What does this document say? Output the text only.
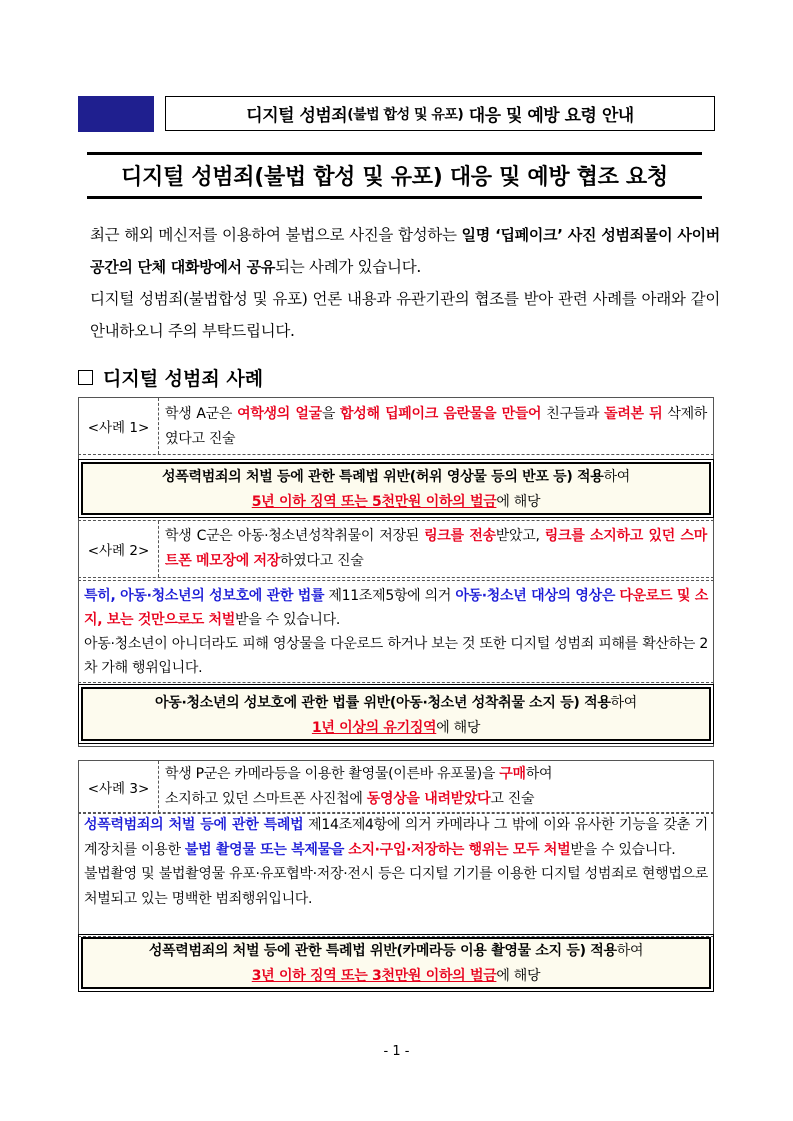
디지털 성범죄 (불법 합성 및 유포) 대응 및 예방 요령 안내
디지털 성범죄(불법 합성 및 유포) 대응 및 예방 협조 요청

최근 해외 메신저를 이용하여 불법으로 사진을 합성하는 일명 ‘딥페이크’ 사진 성범죄물이 사이버 공간의 단체 대화방에서 공유되는 사례가 있습니다.

디지털 성범죄(불법합성 및 유포) 언론 내용과 유관기관의 협조를 받아 관련 사례를 아래와 같이 안내하오니 주의 부탁드립니다.

디지털 성범죄 사례
<사례 1>
학생 A군은 여학생의 얼굴을 합성해 딥페이크 음란물을 만들어 친구들과 돌려본 뒤 삭제하였다고 진술
성폭력범죄의 처벌 등에 관한 특례법 위반(허위 영상물 등의 반포 등) 적용하여
5년 이하 징역 또는 5천만원 이하의 벌금에 해당
<사례 2>
학생 C군은 아동·청소년성착취물이 저장된 링크를 전송받았고, 링크를 소지하고 있던 스마트폰 메모장에 저장하였다고 진술
특히, 아동·청소년의 성보호에 관한 법률 제11조제5항에 의거 아동·청소년 대상의 영상은 다운로드 및 소지, 보는 것만으로도 처벌받을 수 있습니다.
아동·청소년이 아니더라도 피해 영상물을 다운로드 하거나 보는 것 또한 디지털 성범죄 피해를 확산하는 2차 가해 행위입니다.
아동·청소년의 성보호에 관한 법률 위반(아동·청소년 성착취물 소지 등) 적용하여
1년 이상의 유기징역에 해당
<사례 3>
학생 P군은 카메라등을 이용한 촬영물(이른바 유포물)을 구매하여
소지하고 있던 스마트폰 사진첩에 동영상을 내려받았다고 진술
성폭력범죄의 처벌 등에 관한 특례법 제14조제4항에 의거 카메라나 그 밖에 이와 유사한 기능을 갖춘 기계장치를 이용한 불법 촬영물 또는 복제물을 소지·구입·저장하는 행위는 모두 처벌받을 수 있습니다.
불법촬영 및 불법촬영물 유포·유포협박·저장·전시 등은 디지털 기기를 이용한 디지털 성범죄로 현행법으로 처벌되고 있는 명백한 범죄행위입니다.
성폭력범죄의 처벌 등에 관한 특례법 위반(카메라등 이용 촬영물 소지 등) 적용하여
3년 이하 징역 또는 3천만원 이하의 벌금에 해당
- 1 -
